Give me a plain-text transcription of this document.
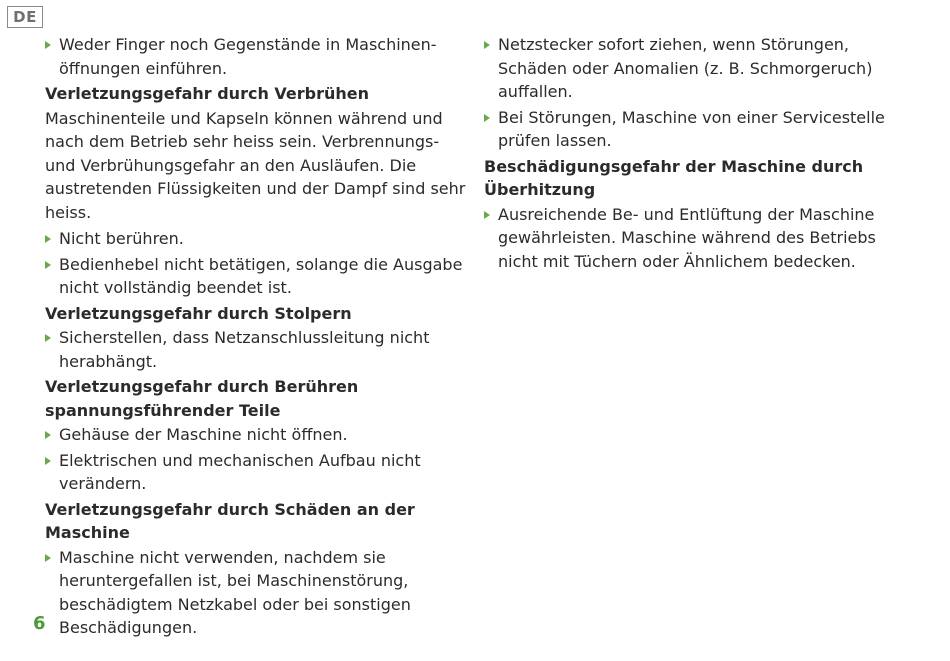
DE
Weder Finger noch Gegenstände in Maschinenöffnungen einführen.
Verletzungsgefahr durch Verbrühen
Maschinenteile und Kapseln können während und nach dem Betrieb sehr heiss sein. Verbrennungs- und Verbrühungsgefahr an den Ausläufen. Die austretenden Flüssigkeiten und der Dampf sind sehr heiss.
Nicht berühren.
Bedienhebel nicht betätigen, solange die Ausgabe nicht vollständig beendet ist.
Verletzungsgefahr durch Stolpern
Sicherstellen, dass Netzanschlussleitung nicht herabhängt.
Verletzungsgefahr durch Berühren spannungsführender Teile
Gehäuse der Maschine nicht öffnen.
Elektrischen und mechanischen Aufbau nicht verändern.
Verletzungsgefahr durch Schäden an der Maschine
Maschine nicht verwenden, nachdem sie heruntergefallen ist, bei Maschinenstörung, beschädigtem Netzkabel oder bei sonstigen Beschädigungen.
Netzstecker sofort ziehen, wenn Störungen, Schäden oder Anomalien (z. B. Schmorgeruch) auffallen.
Bei Störungen, Maschine von einer Servicestelle prüfen lassen.
Beschädigungsgefahr der Maschine durch Überhitzung
Ausreichende Be- und Entlüftung der Maschine gewährleisten. Maschine während des Betriebs nicht mit Tüchern oder Ähnlichem bedecken.
6
